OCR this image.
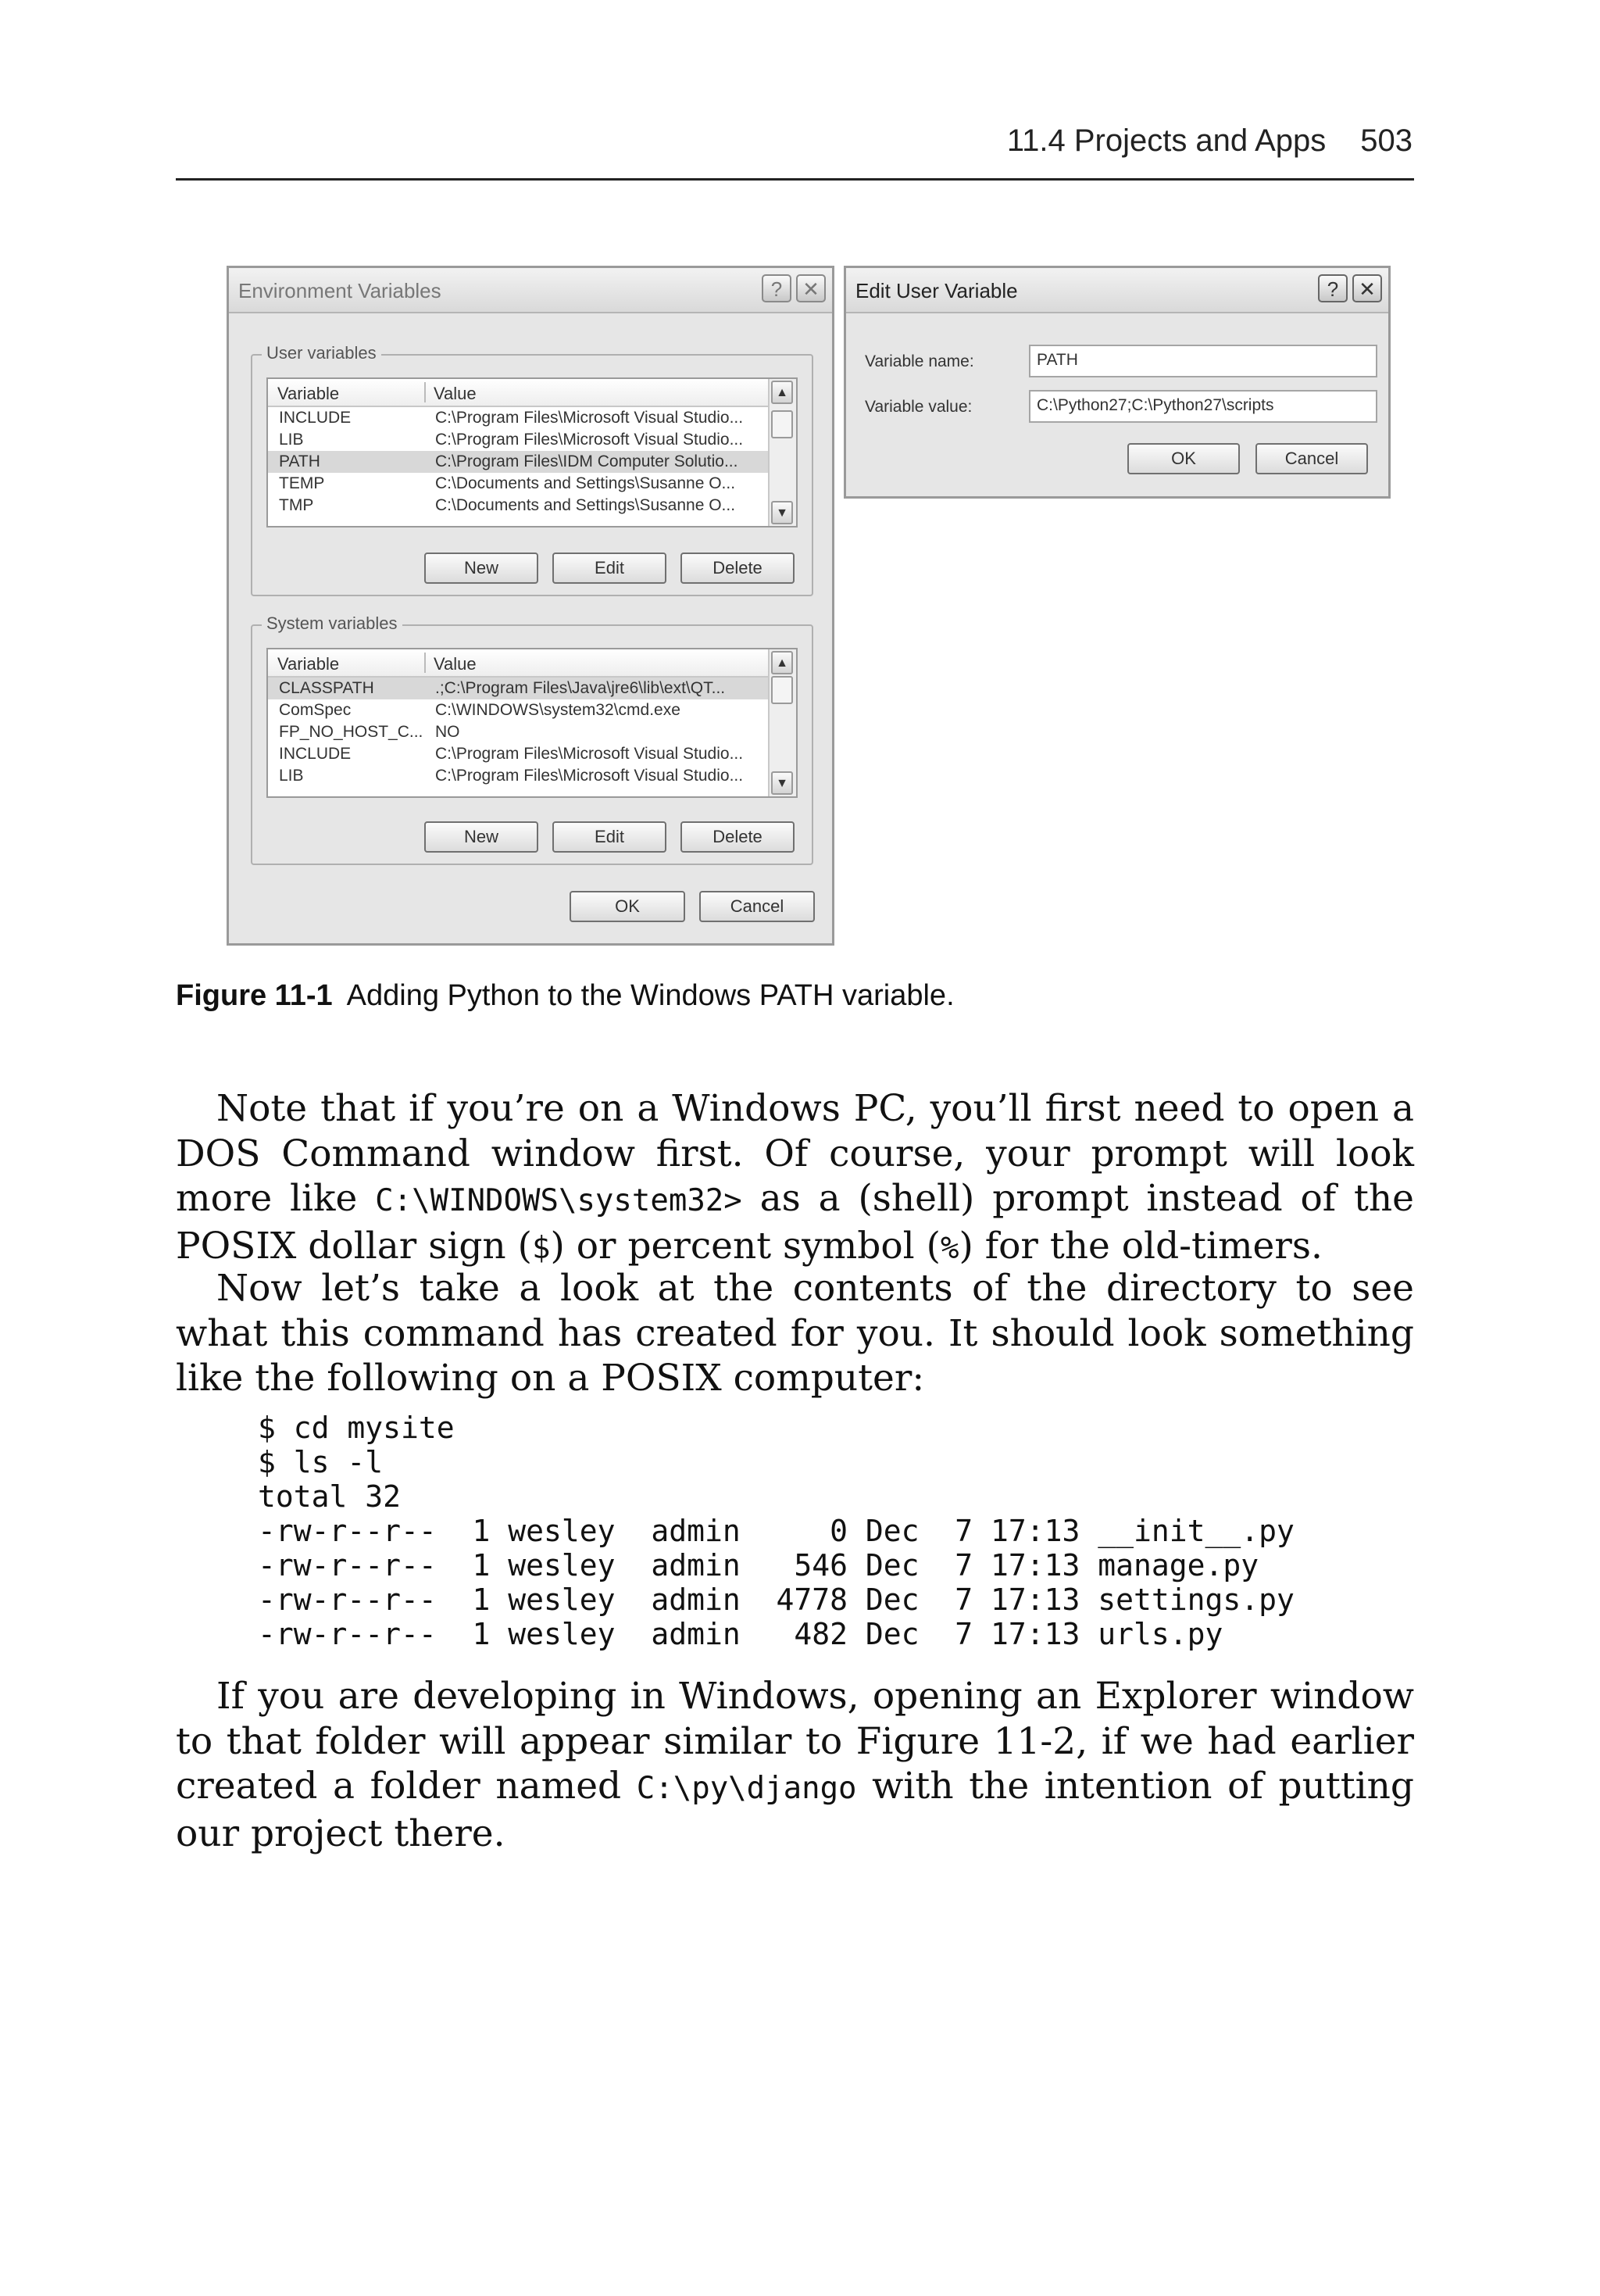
11.4 Projects and Apps 503
Environment Variables	? ✕
User variables
Variable	Value
INCLUDE	C:\Program Files\Microsoft Visual Studio...
LIB	C:\Program Files\Microsoft Visual Studio...
PATH	C:\Program Files\IDM Computer Solutio...
TEMP	C:\Documents and Settings\Susanne O...
TMP	C:\Documents and Settings\Susanne O...
▲
▼
New	Edit	Delete
System variables
Variable	Value
CLASSPATH	.;C:\Program Files\Java\jre6\lib\ext\QT...
ComSpec	C:\WINDOWS\system32\cmd.exe
FP_NO_HOST_C... NO
INCLUDE	C:\Program Files\Microsoft Visual Studio...
LIB	C:\Program Files\Microsoft Visual Studio...
▲
▼
New	Edit	Delete
OK	Cancel
Edit User Variable	? ✕
Variable name:	PATH
Variable value:	C:\Python27;C:\Python27\scripts
OK	Cancel
Figure 11-1 Adding Python to the Windows PATH variable.
Note that if you’re on a Windows PC, you’ll first need to open a DOS Command window first. Of course, your prompt will look more like C:\WINDOWS\system32> as a (shell) prompt instead of the POSIX dollar sign ($) or percent symbol (%) for the old-timers.
Now let’s take a look at the contents of the directory to see what this command has created for you. It should look something like the following on a POSIX computer:
$ cd mysite
$ ls -l
total 32
-rw-r--r--  1 wesley  admin     0 Dec  7 17:13 __init__.py
-rw-r--r--  1 wesley  admin   546 Dec  7 17:13 manage.py
-rw-r--r--  1 wesley  admin  4778 Dec  7 17:13 settings.py
-rw-r--r--  1 wesley  admin   482 Dec  7 17:13 urls.py
If you are developing in Windows, opening an Explorer window to that folder will appear similar to Figure 11-2, if we had earlier created a folder named C:\py\django with the intention of putting our project there.
